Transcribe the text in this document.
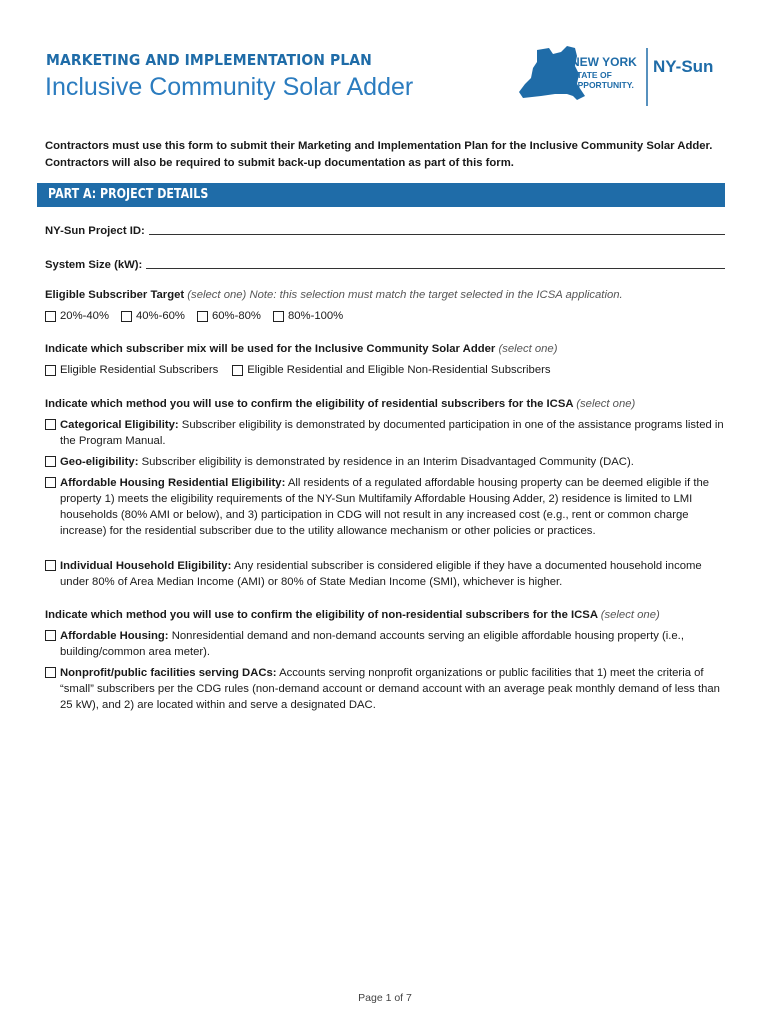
MARKETING AND IMPLEMENTATION PLAN
Inclusive Community Solar Adder
NEW YORK
STATE OF
OPPORTUNITY.
NY-Sun
Contractors must use this form to submit their Marketing and Implementation Plan for the Inclusive Community Solar Adder. Contractors will also be required to submit back-up documentation as part of this form.
PART A: PROJECT DETAILS
NY-Sun Project ID:
System Size (kW):
Eligible Subscriber Target (select one) Note: this selection must match the target selected in the ICSA application.
20%-40% 40%-60% 60%-80% 80%-100%
Indicate which subscriber mix will be used for the Inclusive Community Solar Adder (select one)
Eligible Residential Subscribers	Eligible Residential and Eligible Non-Residential Subscribers
Indicate which method you will use to confirm the eligibility of residential subscribers for the ICSA (select one)
Categorical Eligibility: Subscriber eligibility is demonstrated by documented participation in one of the assistance programs listed in the Program Manual.
Geo-eligibility: Subscriber eligibility is demonstrated by residence in an Interim Disadvantaged Community (DAC).
Affordable Housing Residential Eligibility: All residents of a regulated affordable housing property can be deemed eligible if the property 1) meets the eligibility requirements of the NY-Sun Multifamily Affordable Housing Adder, 2) residence is limited to LMI households (80% AMI or below), and 3) participation in CDG will not result in any increased cost (e.g., rent or common charge increase) for the residential subscriber due to the utility allowance mechanism or other policies or practices.
Individual Household Eligibility: Any residential subscriber is considered eligible if they have a documented household income under 80% of Area Median Income (AMI) or 80% of State Median Income (SMI), whichever is higher.
Indicate which method you will use to confirm the eligibility of non-residential subscribers for the ICSA (select one)
Affordable Housing: Nonresidential demand and non-demand accounts serving an eligible affordable housing property (i.e., building/common area meter).
Nonprofit/public facilities serving DACs: Accounts serving nonprofit organizations or public facilities that 1) meet the criteria of “small” subscribers per the CDG rules (non-demand account or demand account with an average peak monthly demand of less than 25 kW), and 2) are located within and serve a designated DAC.
Page 1 of 7
